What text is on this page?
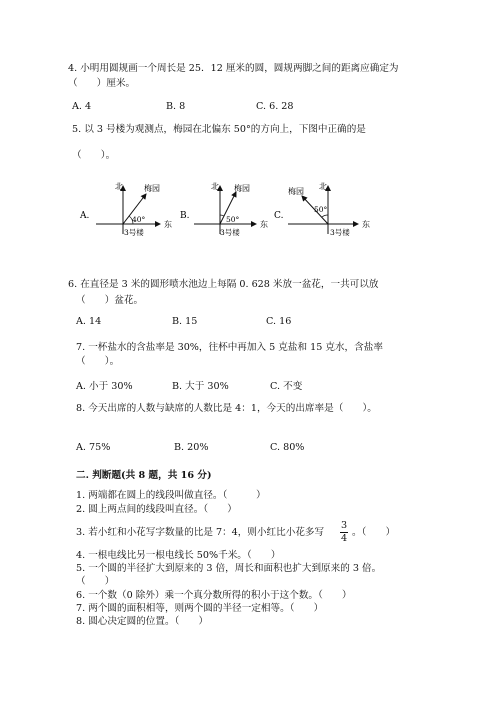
4. 小明用圆规画一个周长是 25．12 厘米的圆，圆规两脚之间的距离应确定为
（　　）厘米。
A. 4	B. 8	C. 6. 28
5. 以 3 号楼为观测点，梅园在北偏东 50°的方向上，下图中正确的是
（　　）。
A.
北	梅园
40°
东
3号楼
B.
北 梅园
50°
东
3号楼
C.
北
梅园
50°
东
3号楼
6. 在直径是 3 米的圆形喷水池边上每隔 0. 628 米放一盆花，一共可以放
（　　）盆花。
A. 14	B. 15	C. 16
7. 一杯盐水的含盐率是 30%，往杯中再加入 5 克盐和 15 克水，含盐率
（　　）。
A. 小于 30%	B. 大于 30%	C. 不变
8. 今天出席的人数与缺席的人数比是 4：1，今天的出席率是（　　）。
A. 75%	B. 20%	C. 80%
二. 判断题(共 8 题，共 16 分)
1. 两端都在圆上的线段叫做直径。（　　　）
2. 圆上两点间的线段叫直径。（　　）
3. 若小红和小花写字数量的比是 7：4，则小红比小花多写
3
4
。（　　）
4. 一根电线比另一根电线长 50%千米。（　　）
5. 一个圆的半径扩大到原来的 3 倍，周长和面积也扩大到原来的 3 倍。
（　　）
6. 一个数（0 除外）乘一个真分数所得的积小于这个数。（　　）
7. 两个圆的面积相等，则两个圆的半径一定相等。（　　）
8. 圆心决定圆的位置。（　　）
